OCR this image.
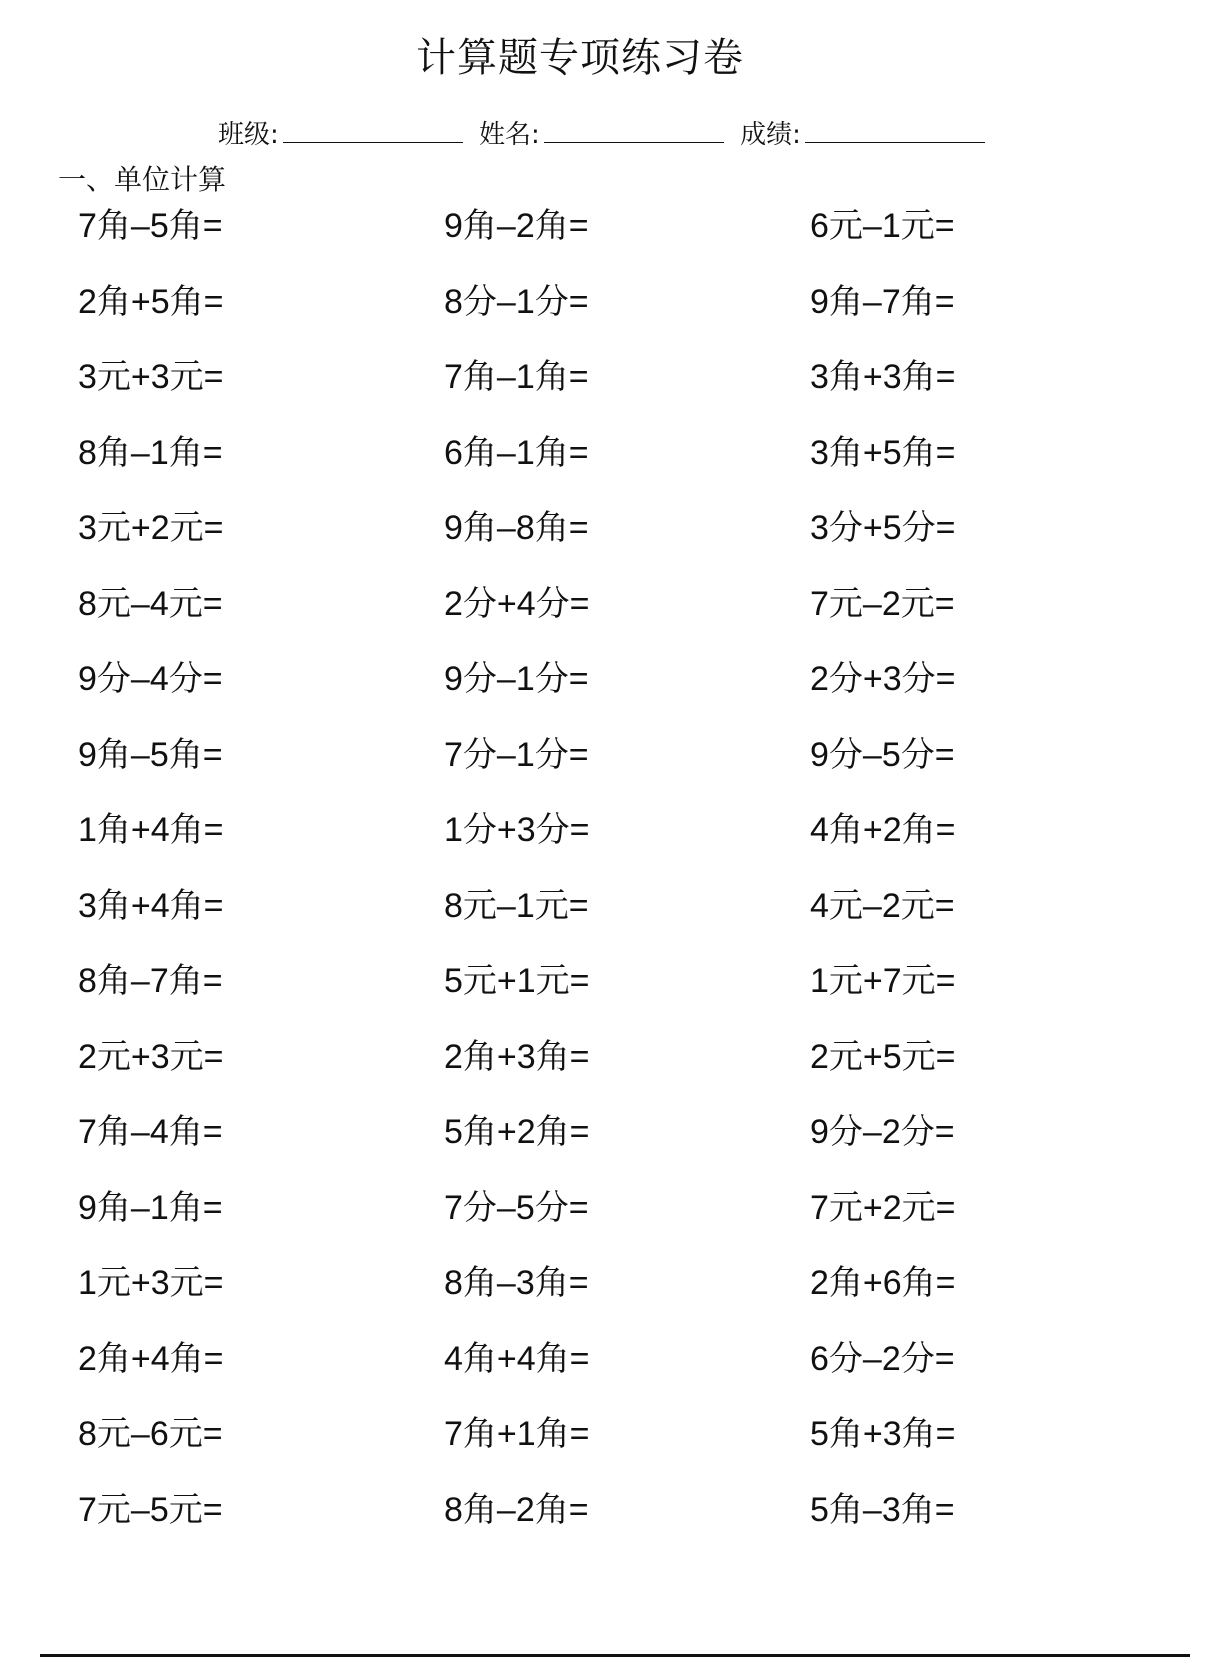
计算题专项练习卷
班级:	姓名:	成绩:
一、单位计算
7角–5角=	9角–2角=	6元–1元=
2角+5角=	8分–1分=	9角–7角=
3元+3元=	7角–1角=	3角+3角=
8角–1角=	6角–1角=	3角+5角=
3元+2元=	9角–8角=	3分+5分=
8元–4元=	2分+4分=	7元–2元=
9分–4分=	9分–1分=	2分+3分=
9角–5角=	7分–1分=	9分–5分=
1角+4角=	1分+3分=	4角+2角=
3角+4角=	8元–1元=	4元–2元=
8角–7角=	5元+1元=	1元+7元=
2元+3元=	2角+3角=	2元+5元=
7角–4角=	5角+2角=	9分–2分=
9角–1角=	7分–5分=	7元+2元=
1元+3元=	8角–3角=	2角+6角=
2角+4角=	4角+4角=	6分–2分=
8元–6元=	7角+1角=	5角+3角=
7元–5元=	8角–2角=	5角–3角=
